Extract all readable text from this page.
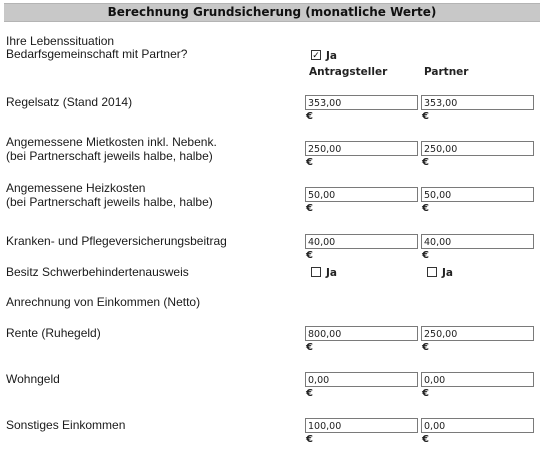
Berechnung Grundsicherung (monatliche Werte)
Ihre Lebenssituation
Bedarfsgemeinschaft mit Partner?	✓ Ja
Antragsteller	Partner
Regelsatz (Stand 2014)	353,00	353,00
€	€
Angemessene Mietkosten inkl. Nebenk.
(bei Partnerschaft jeweils halbe, halbe)	250,00	250,00
€	€
Angemessene Heizkosten
(bei Partnerschaft jeweils halbe, halbe)	50,00	50,00
€	€
Kranken- und Pflegeversicherungsbeitrag	40,00	40,00
€	€
Besitz Schwerbehindertenausweis	Ja	Ja
Anrechnung von Einkommen (Netto)
Rente (Ruhegeld)	800,00	250,00
€	€
Wohngeld	0,00	0,00
€	€
Sonstiges Einkommen	100,00	0,00
€	€
